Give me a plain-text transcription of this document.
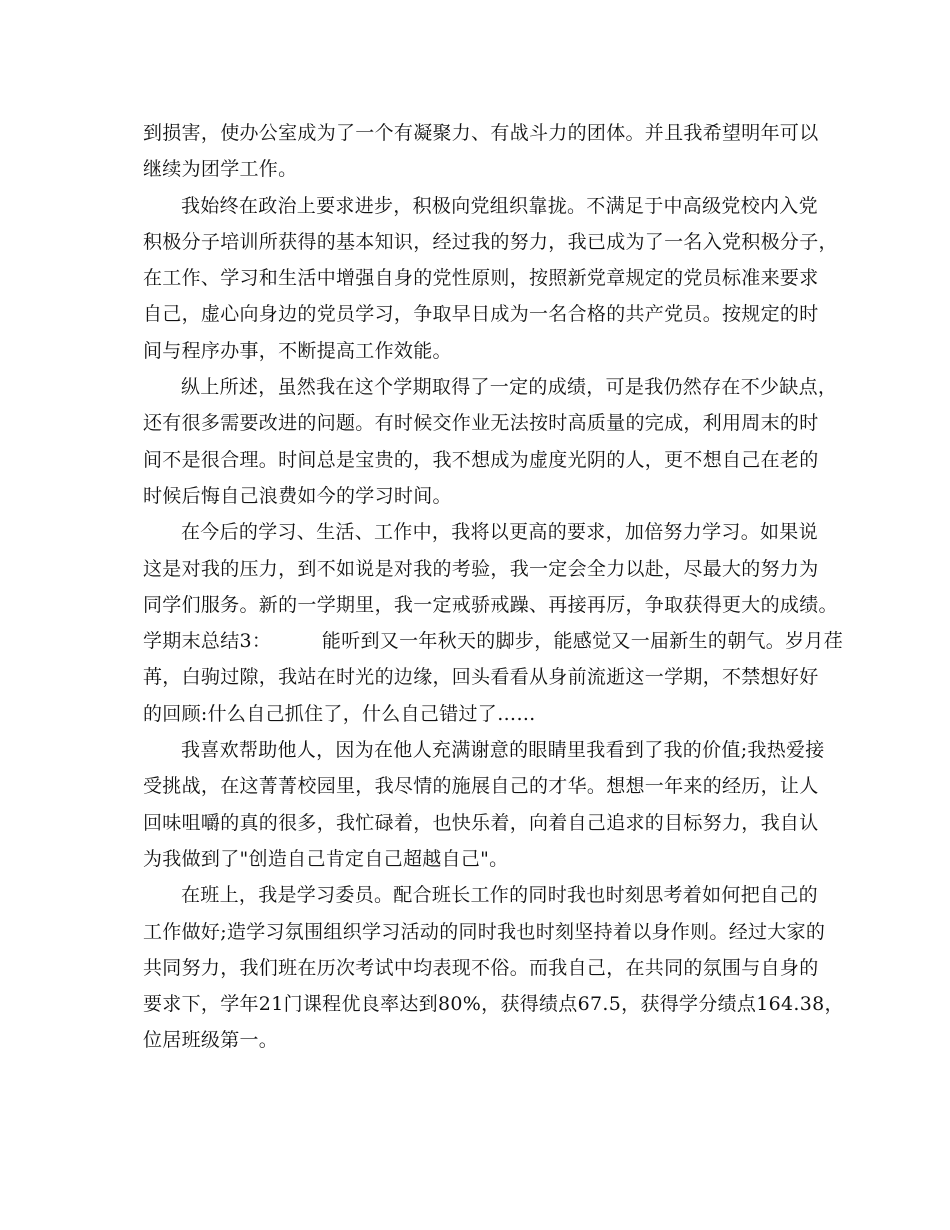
到损害，使办公室成为了一个有凝聚力、有战斗力的团体。并且我希望明年可以
继续为团学工作。
我始终在政治上要求进步，积极向党组织靠拢。不满足于中高级党校内入党
积极分子培训所获得的基本知识，经过我的努力，我已成为了一名入党积极分子，
在工作、学习和生活中增强自身的党性原则，按照新党章规定的党员标准来要求
自己，虚心向身边的党员学习，争取早日成为一名合格的共产党员。按规定的时
间与程序办事，不断提高工作效能。
纵上所述，虽然我在这个学期取得了一定的成绩，可是我仍然存在不少缺点，
还有很多需要改进的问题。有时候交作业无法按时高质量的完成，利用周末的时
间不是很合理。时间总是宝贵的，我不想成为虚度光阴的人，更不想自己在老的
时候后悔自己浪费如今的学习时间。
在今后的学习、生活、工作中，我将以更高的要求，加倍努力学习。如果说
这是对我的压力，到不如说是对我的考验，我一定会全力以赴，尽最大的努力为
同学们服务。新的一学期里，我一定戒骄戒躁、再接再厉，争取获得更大的成绩。
学期末总结3：        能听到又一年秋天的脚步，能感觉又一届新生的朝气。岁月荏
苒，白驹过隙，我站在时光的边缘，回头看看从身前流逝这一学期，不禁想好好
的回顾:什么自己抓住了，什么自己错过了……
我喜欢帮助他人，因为在他人充满谢意的眼睛里我看到了我的价值;我热爱接
受挑战，在这菁菁校园里，我尽情的施展自己的才华。想想一年来的经历，让人
回味咀嚼的真的很多，我忙碌着，也快乐着，向着自己追求的目标努力，我自认
为我做到了"创造自己肯定自己超越自己"。
在班上，我是学习委员。配合班长工作的同时我也时刻思考着如何把自己的
工作做好;造学习氛围组织学习活动的同时我也时刻坚持着以身作则。经过大家的
共同努力，我们班在历次考试中均表现不俗。而我自己，在共同的氛围与自身的
要求下，学年21门课程优良率达到80%，获得绩点67.5，获得学分绩点164.38，
位居班级第一。
